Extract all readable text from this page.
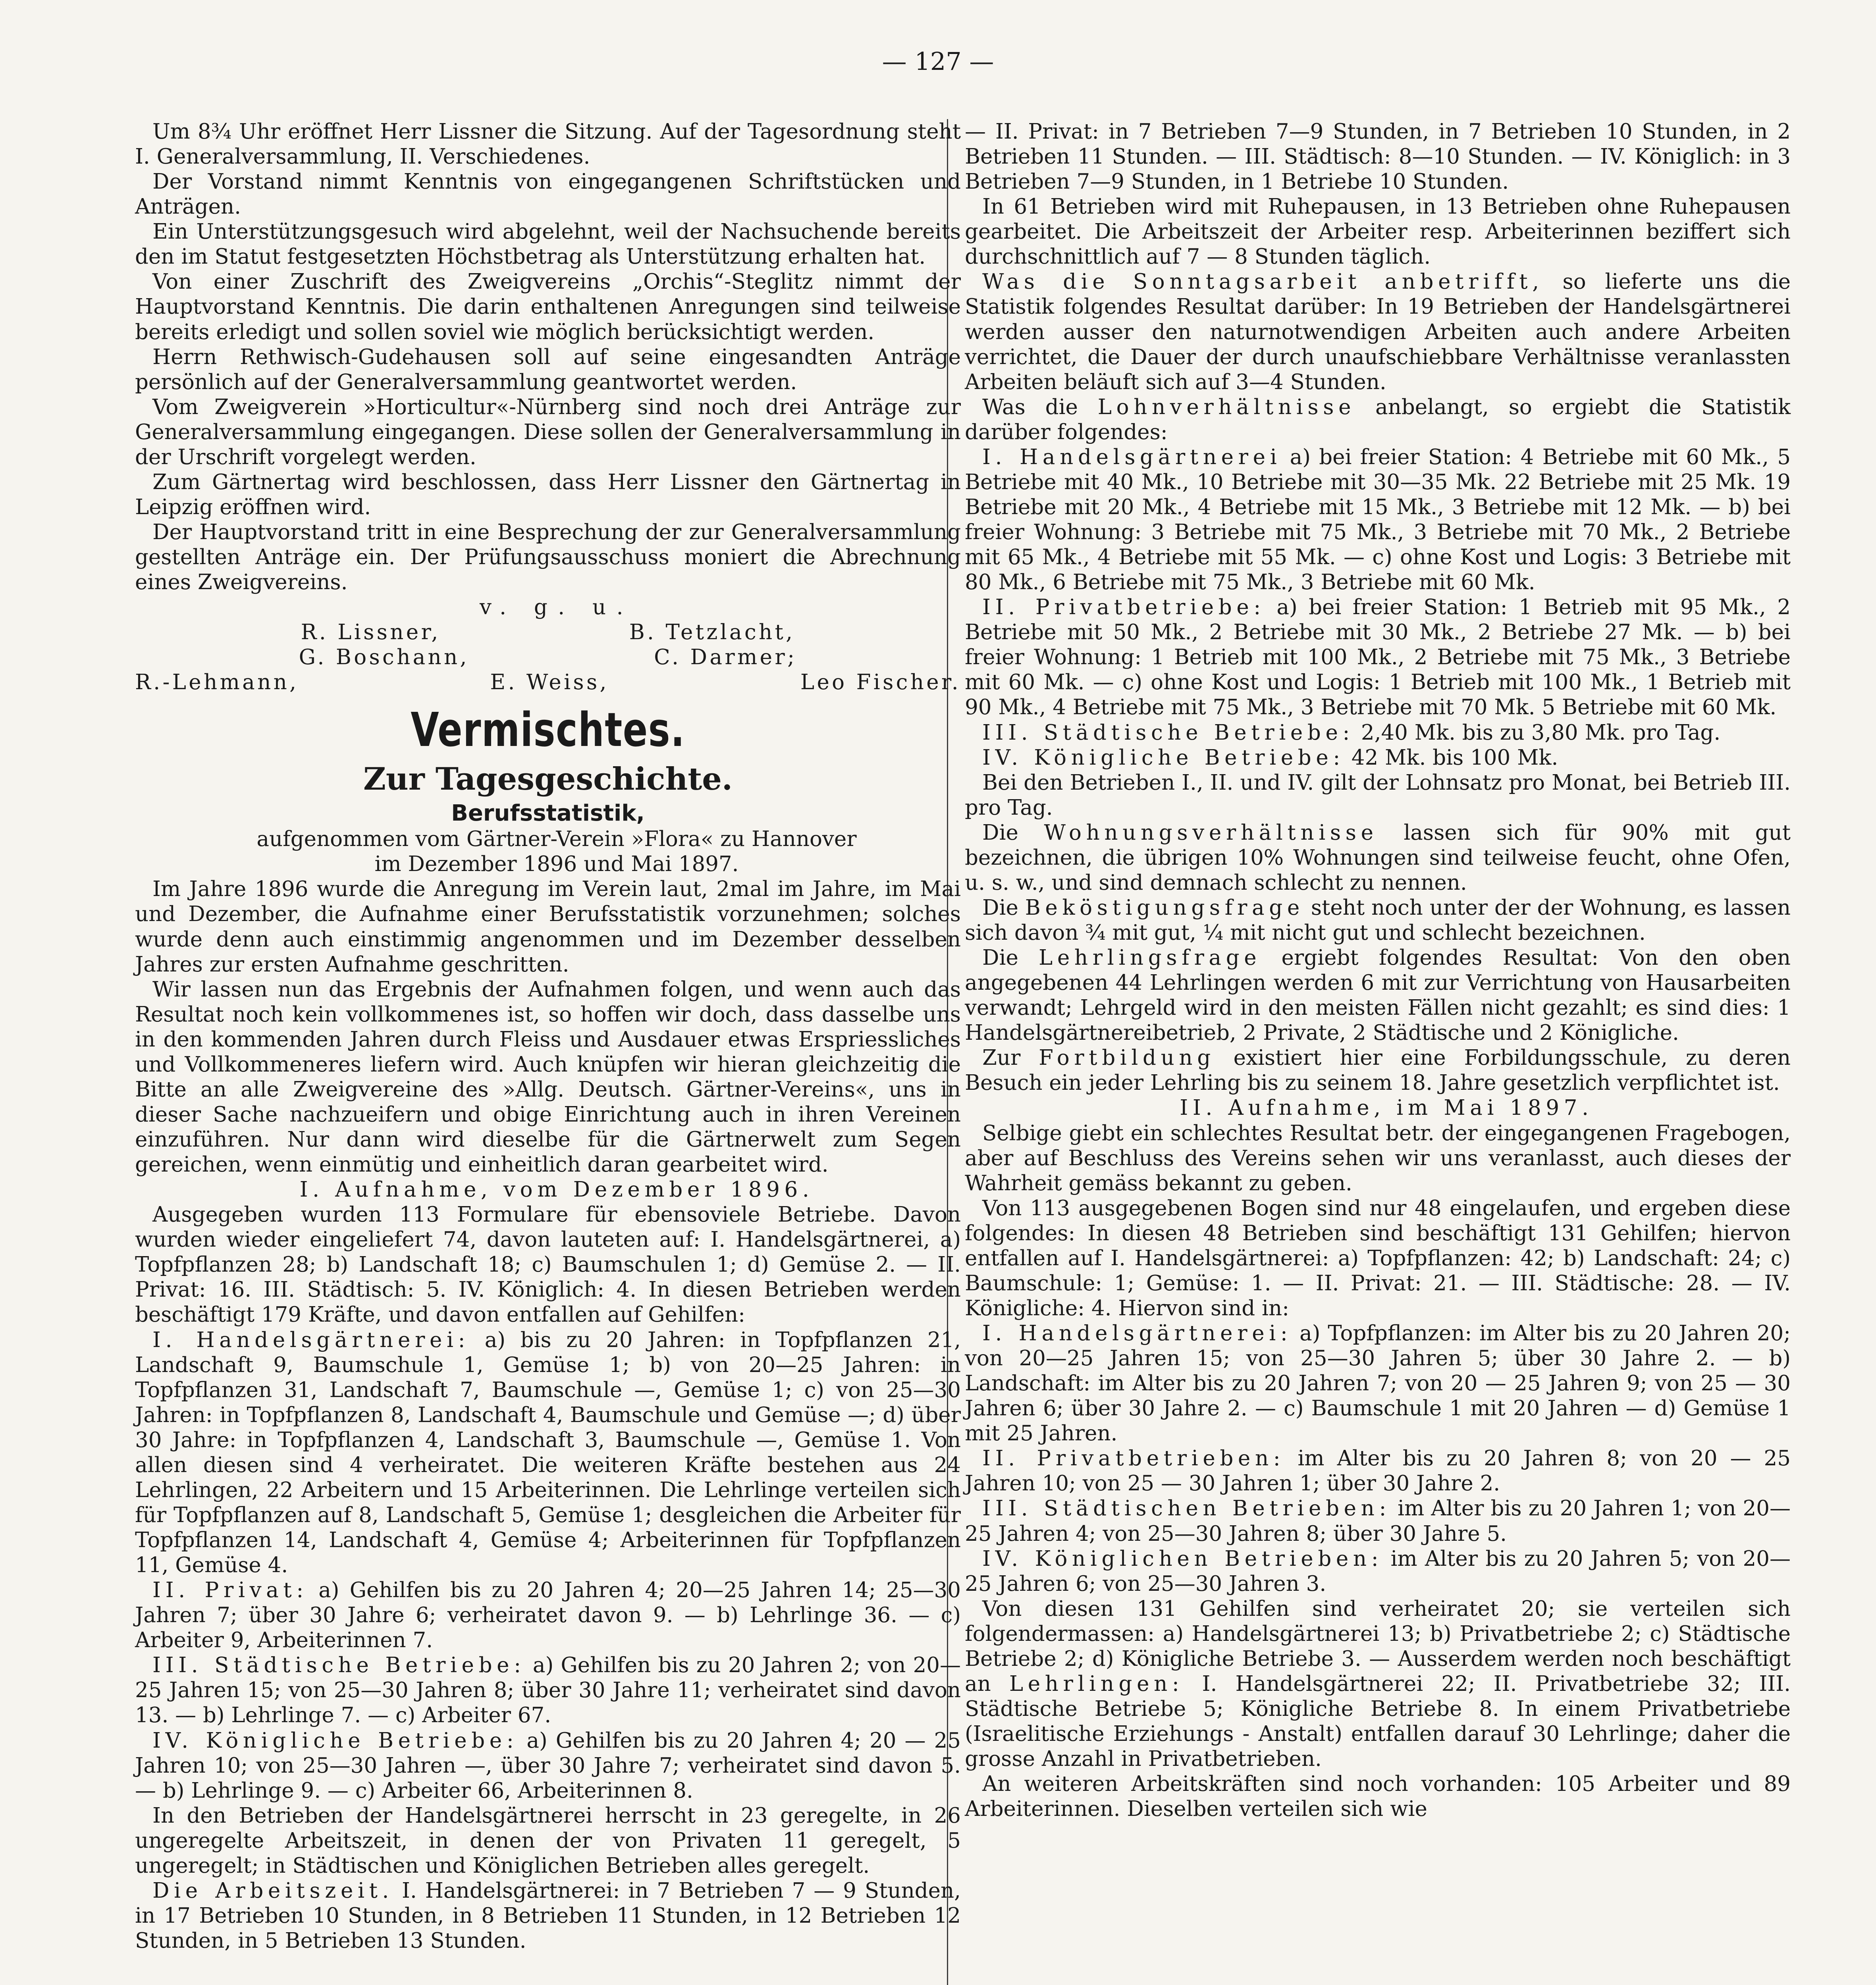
— 127 —

Um 8¾ Uhr eröffnet Herr Lissner die Sitzung. Auf der Tagesordnung steht I. Generalversammlung, II. Verschiedenes.

Der Vorstand nimmt Kenntnis von eingegangenen Schriftstücken und Anträgen.

Ein Unterstützungsgesuch wird abgelehnt, weil der Nachsuchende bereits den im Statut festgesetzten Höchstbetrag als Unterstützung erhalten hat.

Von einer Zuschrift des Zweigvereins „Orchis“-Steglitz nimmt der Hauptvorstand Kenntnis. Die darin enthaltenen Anregungen sind teilweise bereits erledigt und sollen soviel wie möglich berücksichtigt werden.

Herrn Rethwisch-Gudehausen soll auf seine eingesandten Anträge persönlich auf der Generalversammlung geantwortet werden.

Vom Zweigverein »Horticultur«-Nürnberg sind noch drei Anträge zur Generalversammlung eingegangen. Diese sollen der Generalversammlung in der Urschrift vorgelegt werden.

Zum Gärtnertag wird beschlossen, dass Herr Lissner den Gärtnertag in Leipzig eröffnen wird.

Der Hauptvorstand tritt in eine Besprechung der zur Generalversammlung gestellten Anträge ein. Der Prüfungsausschuss moniert die Abrechnung eines Zweigvereins.

v. g. u.

R. Lissner,	B. Tetzlacht,
G. Boschann,	C. Darmer;
R.-Lehmann,	E. Weiss,	Leo Fischer.
Vermischtes.
Zur Tagesgeschichte.
Berufsstatistik,

aufgenommen vom Gärtner-Verein »Flora« zu Hannover

im Dezember 1896 und Mai 1897.

Im Jahre 1896 wurde die Anregung im Verein laut, 2mal im Jahre, im Mai und Dezember, die Aufnahme einer Berufsstatistik vorzunehmen; solches wurde denn auch einstimmig angenommen und im Dezember desselben Jahres zur ersten Aufnahme geschritten.

Wir lassen nun das Ergebnis der Aufnahmen folgen, und wenn auch das Resultat noch kein vollkommenes ist, so hoffen wir doch, dass dasselbe uns in den kommenden Jahren durch Fleiss und Ausdauer etwas Erspriessliches und Vollkommeneres liefern wird. Auch knüpfen wir hieran gleichzeitig die Bitte an alle Zweigvereine des »Allg. Deutsch. Gärtner-Vereins«, uns in dieser Sache nachzueifern und obige Einrichtung auch in ihren Vereinen einzuführen. Nur dann wird dieselbe für die Gärtnerwelt zum Segen gereichen, wenn einmütig und einheitlich daran gearbeitet wird.

I. Aufnahme, vom Dezember 1896.

Ausgegeben wurden 113 Formulare für ebensoviele Betriebe. Davon wurden wieder eingeliefert 74, davon lauteten auf: I. Handelsgärtnerei, a) Topfpflanzen 28; b) Landschaft 18; c) Baumschulen 1; d) Gemüse 2. — II. Privat: 16. III. Städtisch: 5. IV. Königlich: 4. In diesen Betrieben werden beschäftigt 179 Kräfte, und davon entfallen auf Gehilfen:

I. Handelsgärtnerei: a) bis zu 20 Jahren: in Topfpflanzen 21, Landschaft 9, Baumschule 1, Gemüse 1; b) von 20—25 Jahren: in Topfpflanzen 31, Landschaft 7, Baumschule —, Gemüse 1; c) von 25—30 Jahren: in Topfpflanzen 8, Landschaft 4, Baumschule und Gemüse —; d) über 30 Jahre: in Topfpflanzen 4, Landschaft 3, Baumschule —, Gemüse 1. Von allen diesen sind 4 verheiratet. Die weiteren Kräfte bestehen aus 24 Lehrlingen, 22 Arbeitern und 15 Arbeiterinnen. Die Lehrlinge verteilen sich für Topfpflanzen auf 8, Landschaft 5, Gemüse 1; desgleichen die Arbeiter für Topfpflanzen 14, Landschaft 4, Gemüse 4; Arbeiterinnen für Topfpflanzen 11, Gemüse 4.

II. Privat: a) Gehilfen bis zu 20 Jahren 4; 20—25 Jahren 14; 25—30 Jahren 7; über 30 Jahre 6; verheiratet davon 9. — b) Lehrlinge 36. — c) Arbeiter 9, Arbeiterinnen 7.

III. Städtische Betriebe: a) Gehilfen bis zu 20 Jahren 2; von 20—25 Jahren 15; von 25—30 Jahren 8; über 30 Jahre 11; verheiratet sind davon 13. — b) Lehrlinge 7. — c) Arbeiter 67.

IV. Königliche Betriebe: a) Gehilfen bis zu 20 Jahren 4; 20 — 25 Jahren 10; von 25—30 Jahren —, über 30 Jahre 7; verheiratet sind davon 5. — b) Lehrlinge 9. — c) Arbeiter 66, Arbeiterinnen 8.

In den Betrieben der Handelsgärtnerei herrscht in 23 geregelte, in 26 ungeregelte Arbeitszeit, in denen der von Privaten 11 geregelt, 5 ungeregelt; in Städtischen und Königlichen Betrieben alles geregelt.

Die Arbeitszeit. I. Handelsgärtnerei: in 7 Betrieben 7 — 9 Stunden, in 17 Betrieben 10 Stunden, in 8 Betrieben 11 Stunden, in 12 Betrieben 12 Stunden, in 5 Betrieben 13 Stunden.

— II. Privat: in 7 Betrieben 7—9 Stunden, in 7 Betrieben 10 Stunden, in 2 Betrieben 11 Stunden. — III. Städtisch: 8—10 Stunden. — IV. Königlich: in 3 Betrieben 7—9 Stunden, in 1 Betriebe 10 Stunden.

In 61 Betrieben wird mit Ruhepausen, in 13 Betrieben ohne Ruhepausen gearbeitet. Die Arbeitszeit der Arbeiter resp. Arbeiterinnen beziffert sich durchschnittlich auf 7 — 8 Stunden täglich.

Was die Sonntagsarbeit anbetrifft, so lieferte uns die Statistik folgendes Resultat darüber: In 19 Betrieben der Handelsgärtnerei werden ausser den naturnotwendigen Arbeiten auch andere Arbeiten verrichtet, die Dauer der durch unaufschiebbare Verhältnisse veranlassten Arbeiten beläuft sich auf 3—4 Stunden.

Was die Lohnverhältnisse anbelangt, so ergiebt die Statistik darüber folgendes:

I. Handelsgärtnerei a) bei freier Station: 4 Betriebe mit 60 Mk., 5 Betriebe mit 40 Mk., 10 Betriebe mit 30—35 Mk. 22 Betriebe mit 25 Mk. 19 Betriebe mit 20 Mk., 4 Betriebe mit 15 Mk., 3 Betriebe mit 12 Mk. — b) bei freier Wohnung: 3 Betriebe mit 75 Mk., 3 Betriebe mit 70 Mk., 2 Betriebe mit 65 Mk., 4 Betriebe mit 55 Mk. — c) ohne Kost und Logis: 3 Betriebe mit 80 Mk., 6 Betriebe mit 75 Mk., 3 Betriebe mit 60 Mk.

II. Privatbetriebe: a) bei freier Station: 1 Betrieb mit 95 Mk., 2 Betriebe mit 50 Mk., 2 Betriebe mit 30 Mk., 2 Betriebe 27 Mk. — b) bei freier Wohnung: 1 Betrieb mit 100 Mk., 2 Betriebe mit 75 Mk., 3 Betriebe mit 60 Mk. — c) ohne Kost und Logis: 1 Betrieb mit 100 Mk., 1 Betrieb mit 90 Mk., 4 Betriebe mit 75 Mk., 3 Betriebe mit 70 Mk. 5 Betriebe mit 60 Mk.

III. Städtische Betriebe: 2,40 Mk. bis zu 3,80 Mk. pro Tag.

IV. Königliche Betriebe: 42 Mk. bis 100 Mk.

Bei den Betrieben I., II. und IV. gilt der Lohnsatz pro Monat, bei Betrieb III. pro Tag.

Die Wohnungsverhältnisse lassen sich für 90% mit gut bezeichnen, die übrigen 10% Wohnungen sind teilweise feucht, ohne Ofen, u. s. w., und sind demnach schlecht zu nennen.

Die Beköstigungsfrage steht noch unter der der Wohnung, es lassen sich davon ¾ mit gut, ¼ mit nicht gut und schlecht bezeichnen.

Die Lehrlingsfrage ergiebt folgendes Resultat: Von den oben angegebenen 44 Lehrlingen werden 6 mit zur Verrichtung von Hausarbeiten verwandt; Lehrgeld wird in den meisten Fällen nicht gezahlt; es sind dies: 1 Handelsgärtnereibetrieb, 2 Private, 2 Städtische und 2 Königliche.

Zur Fortbildung existiert hier eine Forbildungsschule, zu deren Besuch ein jeder Lehrling bis zu seinem 18. Jahre gesetzlich verpflichtet ist.

II. Aufnahme, im Mai 1897.

Selbige giebt ein schlechtes Resultat betr. der eingegangenen Fragebogen, aber auf Beschluss des Vereins sehen wir uns veranlasst, auch dieses der Wahrheit gemäss bekannt zu geben.

Von 113 ausgegebenen Bogen sind nur 48 eingelaufen, und ergeben diese folgendes: In diesen 48 Betrieben sind beschäftigt 131 Gehilfen; hiervon entfallen auf I. Handelsgärtnerei: a) Topfpflanzen: 42; b) Landschaft: 24; c) Baumschule: 1; Gemüse: 1. — II. Privat: 21. — III. Städtische: 28. — IV. Königliche: 4. Hiervon sind in:

I. Handelsgärtnerei: a) Topfpflanzen: im Alter bis zu 20 Jahren 20; von 20—25 Jahren 15; von 25—30 Jahren 5; über 30 Jahre 2. — b) Landschaft: im Alter bis zu 20 Jahren 7; von 20 — 25 Jahren 9; von 25 — 30 Jahren 6; über 30 Jahre 2. — c) Baumschule 1 mit 20 Jahren — d) Gemüse 1 mit 25 Jahren.

II. Privatbetrieben: im Alter bis zu 20 Jahren 8; von 20 — 25 Jahren 10; von 25 — 30 Jahren 1; über 30 Jahre 2.

III. Städtischen Betrieben: im Alter bis zu 20 Jahren 1; von 20—25 Jahren 4; von 25—30 Jahren 8; über 30 Jahre 5.

IV. Königlichen Betrieben: im Alter bis zu 20 Jahren 5; von 20—25 Jahren 6; von 25—30 Jahren 3.

Von diesen 131 Gehilfen sind verheiratet 20; sie verteilen sich folgendermassen: a) Handelsgärtnerei 13; b) Privatbetriebe 2; c) Städtische Betriebe 2; d) Königliche Betriebe 3. — Ausserdem werden noch beschäftigt an Lehrlingen: I. Handelsgärtnerei 22; II. Privatbetriebe 32; III. Städtische Betriebe 5; Königliche Betriebe 8. In einem Privatbetriebe (Israelitische Erziehungs - Anstalt) entfallen darauf 30 Lehrlinge; daher die grosse Anzahl in Privatbetrieben.

An weiteren Arbeitskräften sind noch vorhanden: 105 Arbeiter und 89 Arbeiterinnen. Dieselben verteilen sich wie
